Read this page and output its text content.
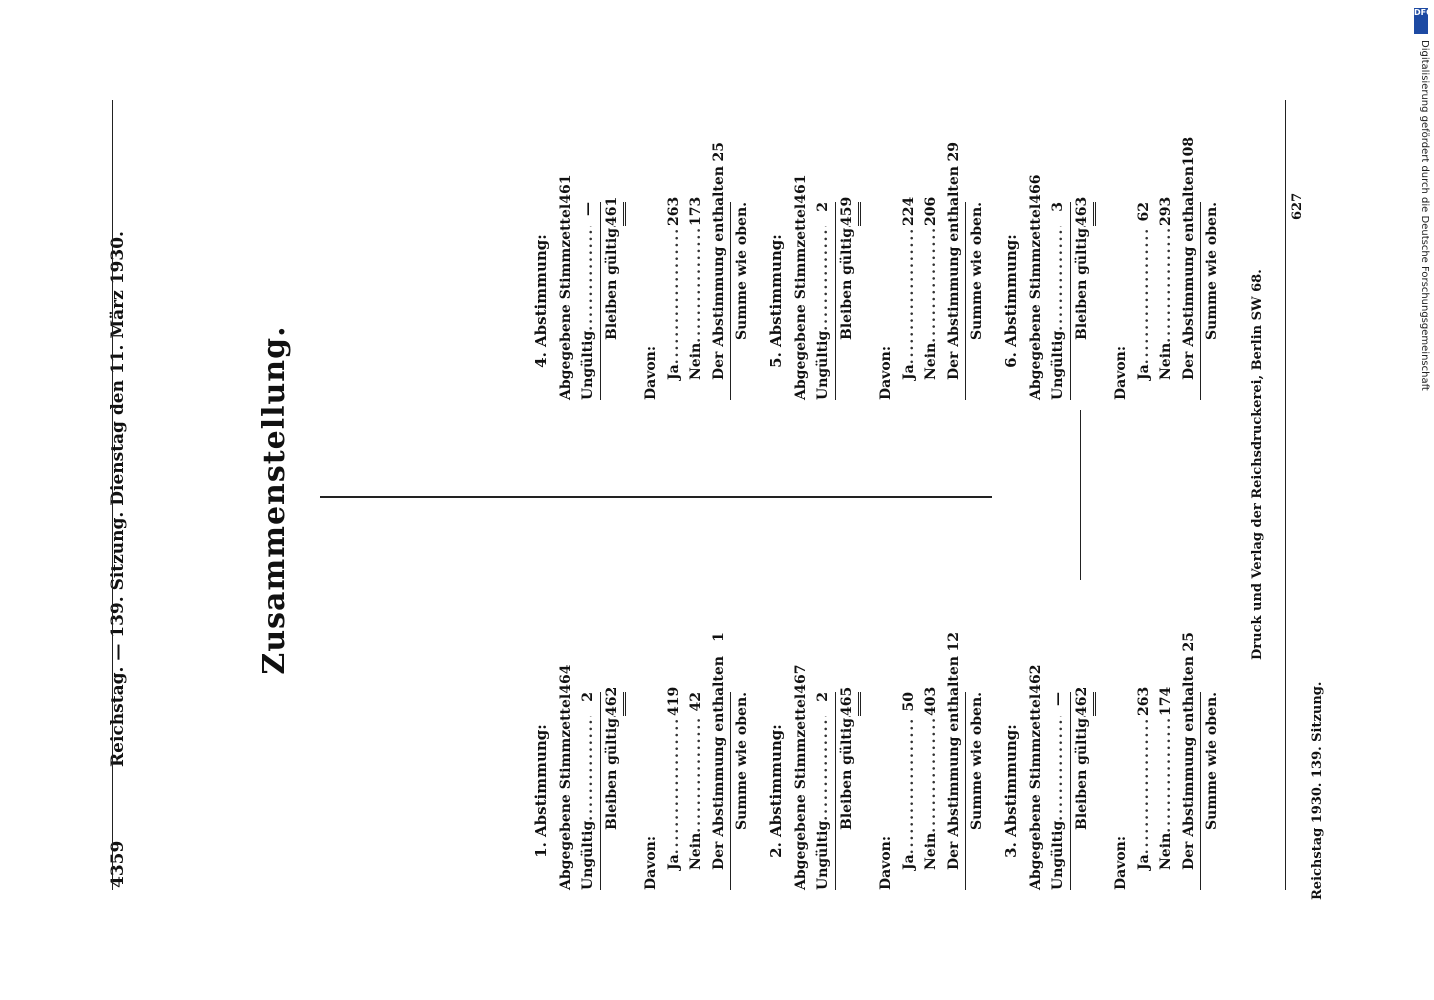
Reichstag. — 139. Sitzung. Dienstag den 11. März 1930.
4359
Zusammenstellung.
1. Abstimmung: Abgegebene Stimmzettel
464
Ungültig
.....
2
Bleiben gültig
.....
462
Davon: Ja
.....
419
Nein
.....
42 Der Abstimmung enthalten
1
Summe wie oben. 2. Abstimmung: Abgegebene Stimmzettel
467
Ungültig
.....
2
Bleiben gültig
.....
465
Davon: Ja
.....
50
Nein
.....
403 Der Abstimmung enthalten
12
Summe wie oben. 3. Abstimmung: Abgegebene Stimmzettel
462
Ungültig
.....
—
Bleiben gültig
.....
462
Davon: Ja
.....
263
Nein
.....
174 Der Abstimmung enthalten
25
Summe wie oben.
4. Abstimmung: Abgegebene Stimmzettel
461
Ungültig
.....
—
Bleiben gültig
.....
461
Davon: Ja
.....
263
Nein
.....
173 Der Abstimmung enthalten
25
Summe wie oben. 5. Abstimmung: Abgegebene Stimmzettel
461
Ungültig
.....
2
Bleiben gültig
.....
459
Davon: Ja
.....
224
Nein
.....
206 Der Abstimmung enthalten
29
Summe wie oben. 6. Abstimmung: Abgegebene Stimmzettel
466
Ungültig
.....
3
Bleiben gültig
.....
463
Davon: Ja
.....
62
Nein
.....
293 Der Abstimmung enthalten
108
Summe wie oben.
Reichstag 1930. 139. Sitzung.
Druck und Verlag der Reichsdruckerei, Berlin SW 68.
627
DFG
Digitalisierung gefördert durch die Deutsche Forschungsgemeinschaft
